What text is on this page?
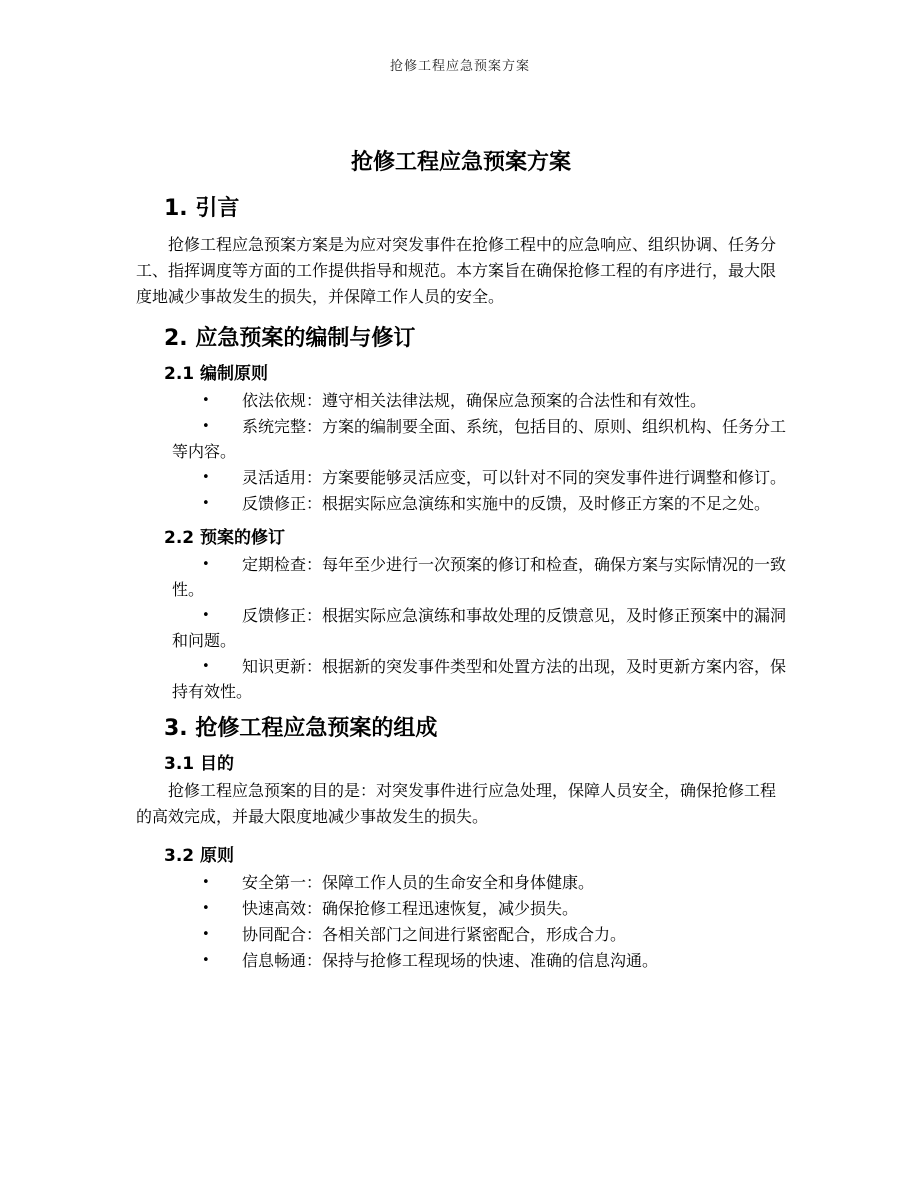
抢修工程应急预案方案
抢修工程应急预案方案
1. 引言

抢修工程应急预案方案是为应对突发事件在抢修工程中的应急响应、组织协调、任务分工、指挥调度等方面的工作提供指导和规范。本方案旨在确保抢修工程的有序进行，最大限度地减少事故发生的损失，并保障工作人员的安全。

2. 应急预案的编制与修订
2.1 编制原则
• 依法依规：遵守相关法律法规，确保应急预案的合法性和有效性。
• 系统完整：方案的编制要全面、系统，包括目的、原则、组织机构、任务分工等内容。
• 灵活适用：方案要能够灵活应变，可以针对不同的突发事件进行调整和修订。
• 反馈修正：根据实际应急演练和实施中的反馈，及时修正方案的不足之处。
2.2 预案的修订
• 定期检查：每年至少进行一次预案的修订和检查，确保方案与实际情况的一致性。
• 反馈修正：根据实际应急演练和事故处理的反馈意见，及时修正预案中的漏洞和问题。
• 知识更新：根据新的突发事件类型和处置方法的出现，及时更新方案内容，保持有效性。
3. 抢修工程应急预案的组成
3.1 目的

抢修工程应急预案的目的是：对突发事件进行应急处理，保障人员安全，确保抢修工程的高效完成，并最大限度地减少事故发生的损失。

3.2 原则
• 安全第一：保障工作人员的生命安全和身体健康。
• 快速高效：确保抢修工程迅速恢复，减少损失。
• 协同配合：各相关部门之间进行紧密配合，形成合力。
• 信息畅通：保持与抢修工程现场的快速、准确的信息沟通。
